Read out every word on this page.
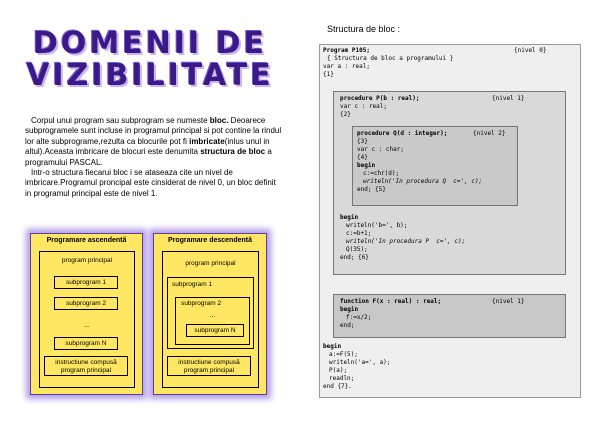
DOMENII DE
VIZIBILITATE

Corpul unui program sau subprogram se numeste bloc. Deoarece subprogramele sunt incluse in programul principal si pot contine la rindul lor alte subprograme,rezulta ca blocurile pot fi imbricate(inlus unul in altul).Aceasta imbricare de blocuri este denumita structura de bloc a programului PASCAL.

Intr-o structura fiecarui bloc i se ataseaza cite un nivel de imbricare.Programul proncipal este cinsiderat de nivel 0, un bloc definit in programul principal este de nivel 1.

Programare ascendentă
program principal
subprogram 1
subprogram 2
...
subprogram N
instructiune compusă program principal
Programare descendentă
program principal
subprogram 1
subprogram 2
...
subprogram N
instructiune compusă program principal
Structura de bloc :
Program P105;	{nivel 0}
{ Structura de bloc a programului }
var a : real;
{1}
procedure P(b : real);	{nivel 1}
var c : real;
{2}
procedure Q(d : integer);	{nivel 2}
{3}
var c : char;
{4}
begin
c:=chr(d);
writeln('In procedura Q  c=', c);
end; {5}
begin
writeln('b=', b);
c:=b+1;
writeln('In procedura P  c=', c);
Q(35);
end; {6}
function F(x : real) : real;	{nivel 1}
begin
f:=x/2;
end;
begin
a:=F(5);
writeln('a=', a);
P(a);
readln;
end {7}.
